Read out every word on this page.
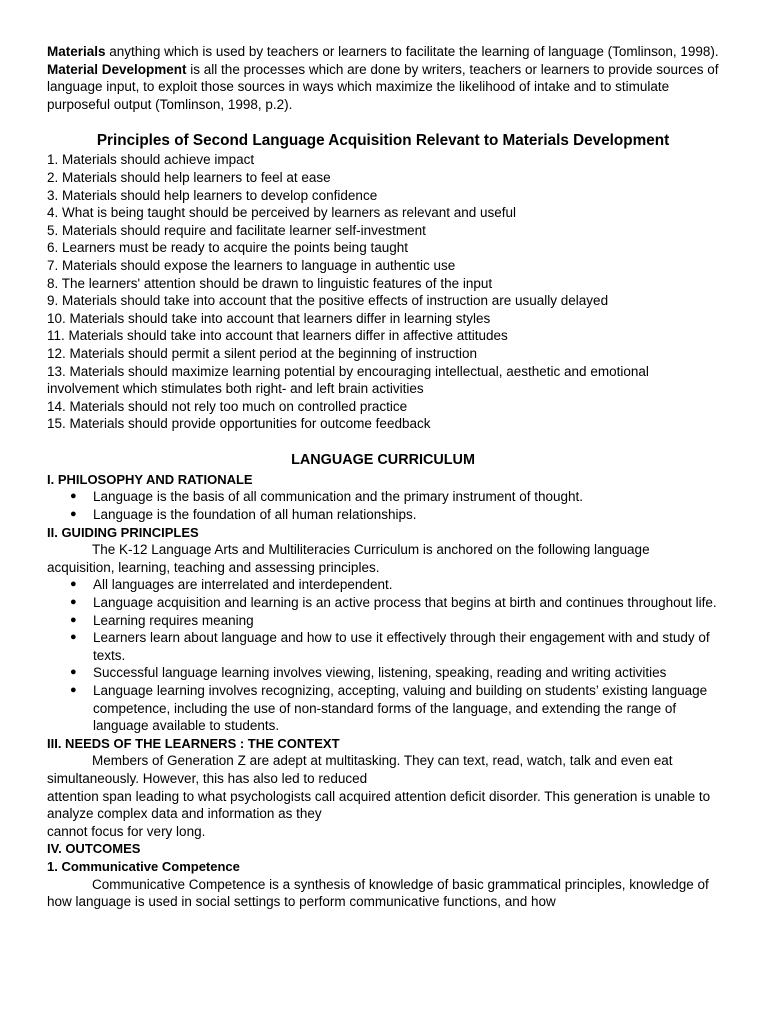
Materials anything which is used by teachers or learners to facilitate the learning of language (Tomlinson, 1998).

Material Development is all the processes which are done by writers, teachers or learners to provide sources of language input, to exploit those sources in ways which maximize the likelihood of intake and to stimulate purposeful output (Tomlinson, 1998, p.2).

Principles of Second Language Acquisition Relevant to Materials Development

1. Materials should achieve impact

2. Materials should help learners to feel at ease

3. Materials should help learners to develop confidence

4. What is being taught should be perceived by learners as relevant and useful

5. Materials should require and facilitate learner self-investment

6. Learners must be ready to acquire the points being taught

7. Materials should expose the learners to language in authentic use

8. The learners' attention should be drawn to linguistic features of the input

9. Materials should take into account that the positive effects of instruction are usually delayed

10. Materials should take into account that learners differ in learning styles

11. Materials should take into account that learners differ in affective attitudes

12. Materials should permit a silent period at the beginning of instruction

13. Materials should maximize learning potential by encouraging intellectual, aesthetic and emotional involvement which stimulates both right- and left brain activities

14. Materials should not rely too much on controlled practice

15. Materials should provide opportunities for outcome feedback

LANGUAGE CURRICULUM

I. PHILOSOPHY AND RATIONALE

● Language is the basis of all communication and the primary instrument of thought.
● Language is the foundation of all human relationships.

II. GUIDING PRINCIPLES

The K-12 Language Arts and Multiliteracies Curriculum is anchored on the following language acquisition, learning, teaching and assessing principles.

● All languages are interrelated and interdependent.
● Language acquisition and learning is an active process that begins at birth and continues throughout life.
● Learning requires meaning
● Learners learn about language and how to use it effectively through their engagement with and study of texts.
● Successful language learning involves viewing, listening, speaking, reading and writing activities
● Language learning involves recognizing, accepting, valuing and building on students’ existing language competence, including the use of non-standard forms of the language, and extending the range of language available to students.

III. NEEDS OF THE LEARNERS : THE CONTEXT

Members of Generation Z are adept at multitasking. They can text, read, watch, talk and even eat simultaneously. However, this has also led to reduced

attention span leading to what psychologists call acquired attention deficit disorder. This generation is unable to analyze complex data and information as they

cannot focus for very long.

IV. OUTCOMES

1. Communicative Competence

Communicative Competence is a synthesis of knowledge of basic grammatical principles, knowledge of how language is used in social settings to perform communicative functions, and how
